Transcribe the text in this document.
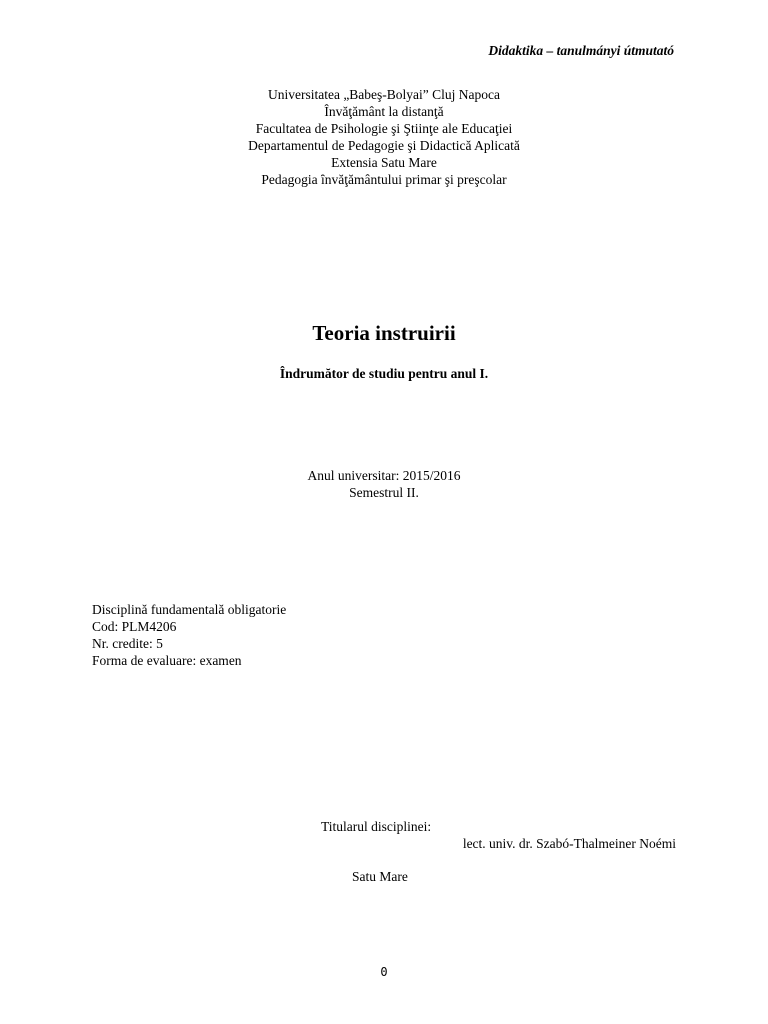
Didaktika – tanulmányi útmutató
Universitatea „Babeş-Bolyai” Cluj Napoca
Învăţământ la distanţă
Facultatea de Psihologie şi Ştiinţe ale Educaţiei
Departamentul de Pedagogie şi Didactică Aplicată
Extensia Satu Mare
Pedagogia ȋnvăţământului primar şi preşcolar
Teoria instruirii
Îndrumător de studiu pentru anul I.
Anul universitar: 2015/2016
Semestrul II.
Disciplină fundamentală obligatorie
Cod: PLM4206
Nr. credite: 5
Forma de evaluare: examen
Titularul disciplinei:
lect. univ. dr. Szabó-Thalmeiner Noémi
Satu Mare
0
